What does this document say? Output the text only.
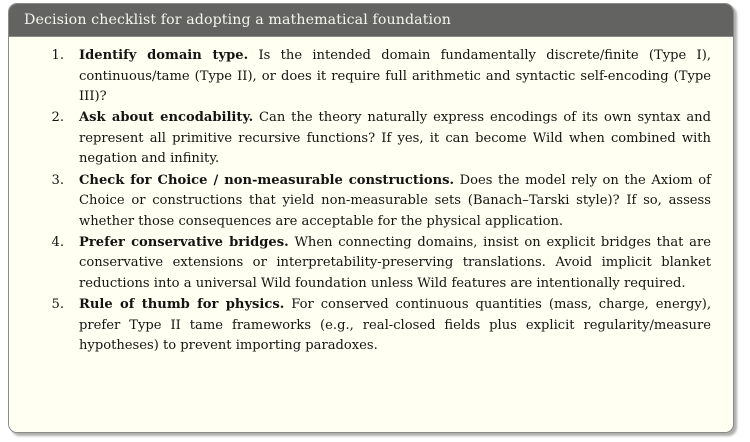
Decision checklist for adopting a mathematical foundation
1. Identify domain type. Is the intended domain fundamentally discrete/finite (Type I), continuous/tame (Type II), or does it require full arithmetic and syntactic self-encoding (Type III)?
2. Ask about encodability. Can the theory naturally express encodings of its own syntax and represent all primitive recursive functions? If yes, it can become Wild when combined with negation and infinity.
3. Check for Choice / non-measurable constructions. Does the model rely on the Axiom of Choice or constructions that yield non-measurable sets (Banach–Tarski style)? If so, assess whether those consequences are acceptable for the physical application.
4. Prefer conservative bridges. When connecting domains, insist on explicit bridges that are conservative extensions or interpretability-preserving translations. Avoid implicit blanket reductions into a universal Wild foundation unless Wild features are intentionally required.
5. Rule of thumb for physics. For conserved continuous quantities (mass, charge, energy), prefer Type II tame frameworks (e.g., real-closed fields plus explicit regularity/measure hypotheses) to prevent importing paradoxes.
